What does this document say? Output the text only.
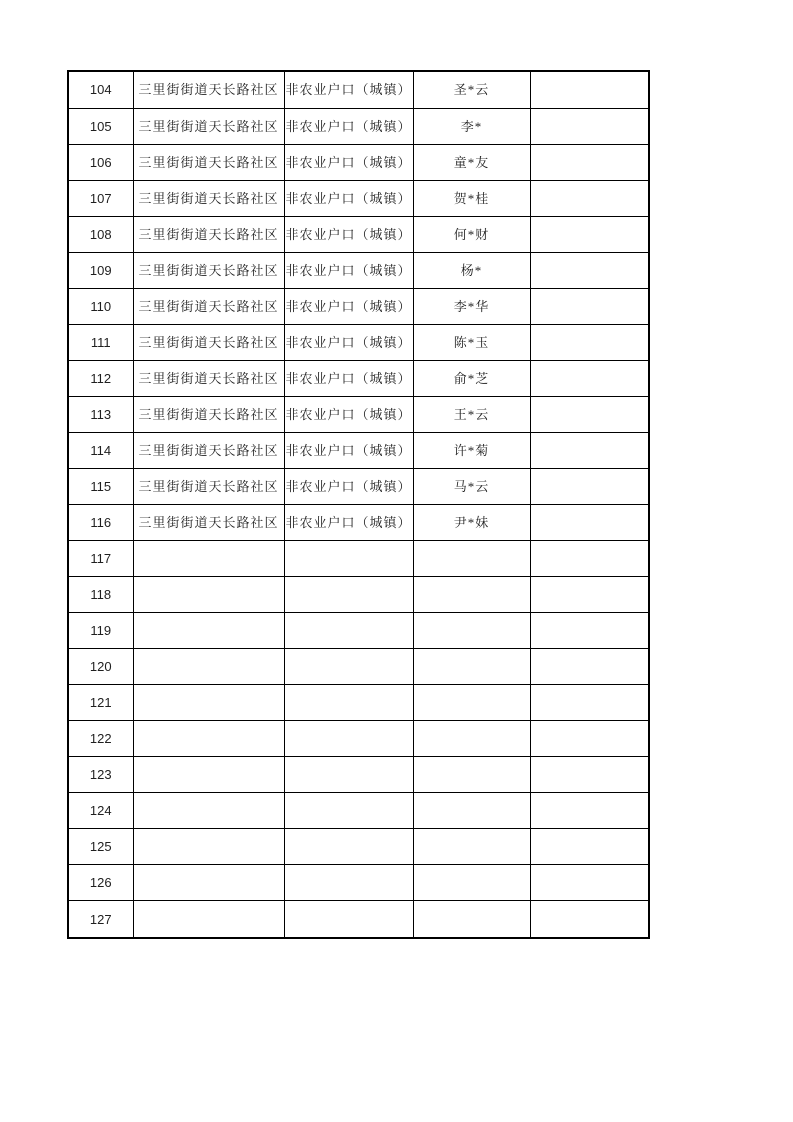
104	三里街街道天长路社区	非农业户口（城镇）	圣*云	
105	三里街街道天长路社区	非农业户口（城镇）	李*	
106	三里街街道天长路社区	非农业户口（城镇）	童*友	
107	三里街街道天长路社区	非农业户口（城镇）	贺*桂	
108	三里街街道天长路社区	非农业户口（城镇）	何*财	
109	三里街街道天长路社区	非农业户口（城镇）	杨*	
110	三里街街道天长路社区	非农业户口（城镇）	李*华	
111	三里街街道天长路社区	非农业户口（城镇）	陈*玉	
112	三里街街道天长路社区	非农业户口（城镇）	俞*芝	
113	三里街街道天长路社区	非农业户口（城镇）	王*云	
114	三里街街道天长路社区	非农业户口（城镇）	许*菊	
115	三里街街道天长路社区	非农业户口（城镇）	马*云	
116	三里街街道天长路社区	非农业户口（城镇）	尹*妹	
117				
118				
119				
120				
121				
122				
123				
124				
125				
126				
127				
